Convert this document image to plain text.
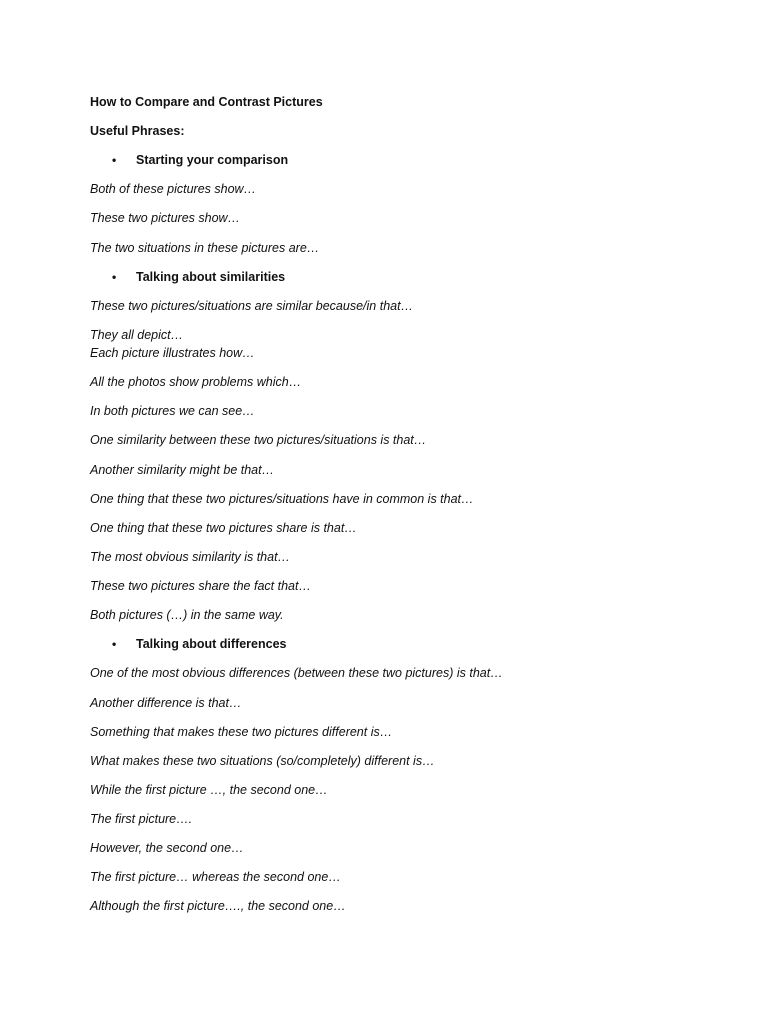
How to Compare and Contrast Pictures
Useful Phrases:
• Starting your comparison
Both of these pictures show…
These two pictures show…
The two situations in these pictures are…
• Talking about similarities
These two pictures/situations are similar because/in that…
They all depict…
Each picture illustrates how…
All the photos show problems which…
In both pictures we can see…
One similarity between these two pictures/situations is that…
Another similarity might be that…
One thing that these two pictures/situations have in common is that…
One thing that these two pictures share is that…
The most obvious similarity is that…
These two pictures share the fact that…
Both pictures (…) in the same way.
• Talking about differences
One of the most obvious differences (between these two pictures) is that…
Another difference is that…
Something that makes these two pictures different is…
What makes these two situations (so/completely) different is…
While the first picture …, the second one…
The first picture….
However, the second one…
The first picture… whereas the second one…
Although the first picture…., the second one…
